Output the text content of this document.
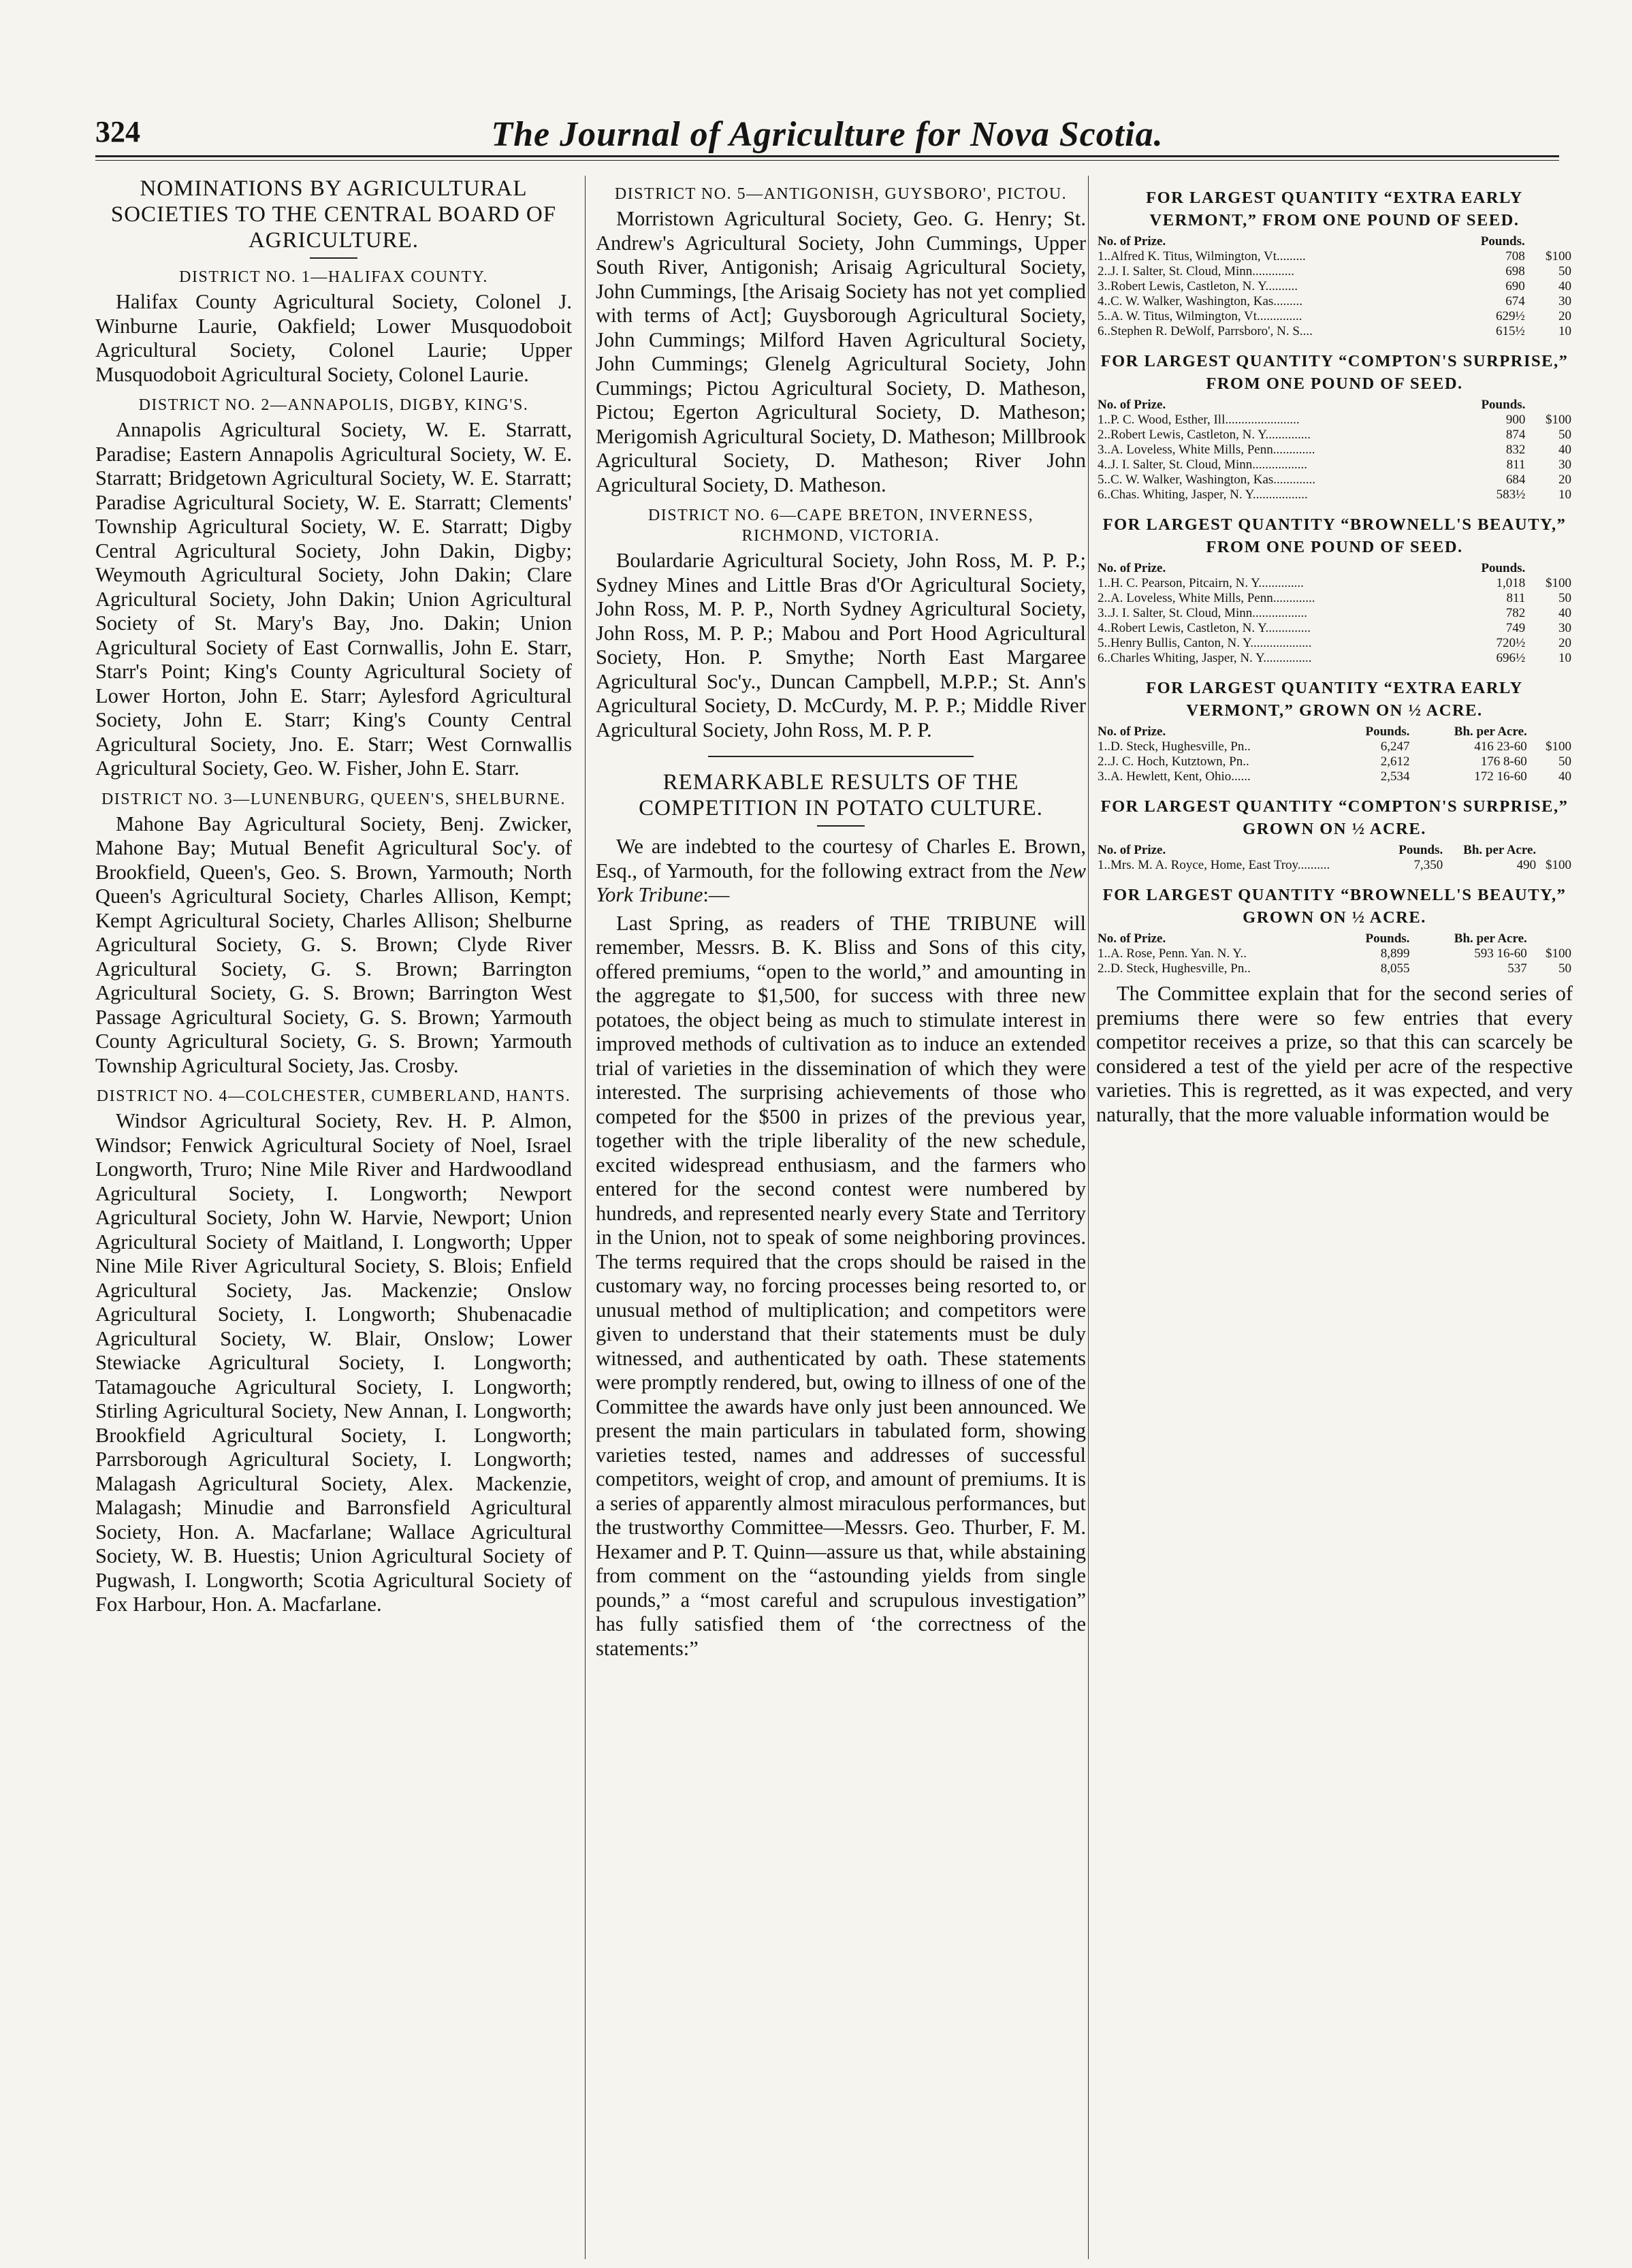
324	The Journal of Agriculture for Nova Scotia.
NOMINATIONS BY AGRICULTURAL SOCIETIES TO THE CENTRAL BOARD OF AGRICULTURE.
DISTRICT NO. 1—HALIFAX COUNTY.

Halifax County Agricultural Society, Colonel J. Winburne Laurie, Oakfield; Lower Musquodoboit Agricultural Society, Colonel Laurie; Upper Musquodoboit Agricultural Society, Colonel Laurie.

DISTRICT NO. 2—ANNAPOLIS, DIGBY, KING'S.

Annapolis Agricultural Society, W. E. Starratt, Paradise; Eastern Annapolis Agricultural Society, W. E. Starratt; Bridgetown Agricultural Society, W. E. Starratt; Paradise Agricultural Society, W. E. Starratt; Clements' Township Agricultural Society, W. E. Starratt; Digby Central Agricultural Society, John Dakin, Digby; Weymouth Agricultural Society, John Dakin; Clare Agricultural Society, John Dakin; Union Agricultural Society of St. Mary's Bay, Jno. Dakin; Union Agricultural Society of East Cornwallis, John E. Starr, Starr's Point; King's County Agricultural Society of Lower Horton, John E. Starr; Aylesford Agricultural Society, John E. Starr; King's County Central Agricultural Society, Jno. E. Starr; West Cornwallis Agricultural Society, Geo. W. Fisher, John E. Starr.

DISTRICT NO. 3—LUNENBURG, QUEEN'S, SHELBURNE.

Mahone Bay Agricultural Society, Benj. Zwicker, Mahone Bay; Mutual Benefit Agricultural Soc'y. of Brookfield, Queen's, Geo. S. Brown, Yarmouth; North Queen's Agricultural Society, Charles Allison, Kempt; Kempt Agricultural Society, Charles Allison; Shelburne Agricultural Society, G. S. Brown; Clyde River Agricultural Society, G. S. Brown; Barrington Agricultural Society, G. S. Brown; Barrington West Passage Agricultural Society, G. S. Brown; Yarmouth County Agricultural Society, G. S. Brown; Yarmouth Township Agricultural Society, Jas. Crosby.

DISTRICT NO. 4—COLCHESTER, CUMBERLAND, HANTS.

Windsor Agricultural Society, Rev. H. P. Almon, Windsor; Fenwick Agricultural Society of Noel, Israel Longworth, Truro; Nine Mile River and Hardwoodland Agricultural Society, I. Longworth; Newport Agricultural Society, John W. Harvie, Newport; Union Agricultural Society of Maitland, I. Longworth; Upper Nine Mile River Agricultural Society, S. Blois; Enfield Agricultural Society, Jas. Mackenzie; Onslow Agricultural Society, I. Longworth; Shubenacadie Agricultural Society, W. Blair, Onslow; Lower Stewiacke Agricultural Society, I. Longworth; Tatamagouche Agricultural Society, I. Longworth; Stirling Agricultural Society, New Annan, I. Longworth; Brookfield Agricultural Society, I. Longworth; Parrsborough Agricultural Society, I. Longworth; Malagash Agricultural Society, Alex. Mackenzie, Malagash; Minudie and Barronsfield Agricultural Society, Hon. A. Macfarlane; Wallace Agricultural Society, W. B. Huestis; Union Agricultural Society of Pugwash, I. Longworth; Scotia Agricultural Society of Fox Harbour, Hon. A. Macfarlane.

DISTRICT NO. 5—ANTIGONISH, GUYSBORO', PICTOU.

Morristown Agricultural Society, Geo. G. Henry; St. Andrew's Agricultural Society, John Cummings, Upper South River, Antigonish; Arisaig Agricultural Society, John Cummings, [the Arisaig Society has not yet complied with terms of Act]; Guysborough Agricultural Society, John Cummings; Milford Haven Agricultural Society, John Cummings; Glenelg Agricultural Society, John Cummings; Pictou Agricultural Society, D. Matheson, Pictou; Egerton Agricultural Society, D. Matheson; Merigomish Agricultural Society, D. Matheson; Millbrook Agricultural Society, D. Matheson; River John Agricultural Society, D. Matheson.

DISTRICT NO. 6—CAPE BRETON, INVERNESS, RICHMOND, VICTORIA.

Boulardarie Agricultural Society, John Ross, M. P. P.; Sydney Mines and Little Bras d'Or Agricultural Society, John Ross, M. P. P., North Sydney Agricultural Society, John Ross, M. P. P.; Mabou and Port Hood Agricultural Society, Hon. P. Smythe; North East Margaree Agricultural Soc'y., Duncan Campbell, M.P.P.; St. Ann's Agricultural Society, D. McCurdy, M. P. P.; Middle River Agricultural Society, John Ross, M. P. P.

REMARKABLE RESULTS OF THE COMPETITION IN POTATO CULTURE.

We are indebted to the courtesy of Charles E. Brown, Esq., of Yarmouth, for the following extract from the New York Tribune:—

Last Spring, as readers of THE TRIBUNE will remember, Messrs. B. K. Bliss and Sons of this city, offered premiums, “open to the world,” and amounting in the aggregate to $1,500, for success with three new potatoes, the object being as much to stimulate interest in improved methods of cultivation as to induce an extended trial of varieties in the dissemination of which they were interested. The surprising achievements of those who competed for the $500 in prizes of the previous year, together with the triple liberality of the new schedule, excited widespread enthusiasm, and the farmers who entered for the second contest were numbered by hundreds, and represented nearly every State and Territory in the Union, not to speak of some neighboring provinces. The terms required that the crops should be raised in the customary way, no forcing processes being resorted to, or unusual method of multiplication; and competitors were given to understand that their statements must be duly witnessed, and authenticated by oath. These statements were promptly rendered, but, owing to illness of one of the Committee the awards have only just been announced. We present the main particulars in tabulated form, showing varieties tested, names and addresses of successful competitors, weight of crop, and amount of premiums. It is a series of apparently almost miraculous performances, but the trustworthy Committee—Messrs. Geo. Thurber, F. M. Hexamer and P. T. Quinn—assure us that, while abstaining from comment on the “astounding yields from single pounds,” a “most careful and scrupulous investigation” has fully satisfied them of ‘the correctness of the statements:”

FOR LARGEST QUANTITY “EXTRA EARLY VERMONT,” FROM ONE POUND OF SEED.
No. of Prize.	Pounds.	
1..Alfred K. Titus, Wilmington, Vt.........	708	$100
2..J. I. Salter, St. Cloud, Minn.............	698	50
3..Robert Lewis, Castleton, N. Y..........	690	40
4..C. W. Walker, Washington, Kas.........	674	30
5..A. W. Titus, Wilmington, Vt..............	629½	20
6..Stephen R. DeWolf, Parrsboro', N. S....	615½	10
FOR LARGEST QUANTITY “COMPTON'S SURPRISE,” FROM ONE POUND OF SEED.
No. of Prize.	Pounds.	
1..P. C. Wood, Esther, Ill.......................	900	$100
2..Robert Lewis, Castleton, N. Y..............	874	50
3..A. Loveless, White Mills, Penn.............	832	40
4..J. I. Salter, St. Cloud, Minn.................	811	30
5..C. W. Walker, Washington, Kas.............	684	20
6..Chas. Whiting, Jasper, N. Y.................	583½	10
FOR LARGEST QUANTITY “BROWNELL'S BEAUTY,” FROM ONE POUND OF SEED.
No. of Prize.	Pounds.	
1..H. C. Pearson, Pitcairn, N. Y..............	1,018	$100
2..A. Loveless, White Mills, Penn.............	811	50
3..J. I. Salter, St. Cloud, Minn.................	782	40
4..Robert Lewis, Castleton, N. Y..............	749	30
5..Henry Bullis, Canton, N. Y...................	720½	20
6..Charles Whiting, Jasper, N. Y...............	696½	10
FOR LARGEST QUANTITY “EXTRA EARLY VERMONT,” GROWN ON ½ ACRE.
No. of Prize.	Pounds.	Bh. per Acre.	
1..D. Steck, Hughesville, Pn..	6,247	416 23-60	$100
2..J. C. Hoch, Kutztown, Pn..	2,612	176 8-60	50
3..A. Hewlett, Kent, Ohio......	2,534	172 16-60	40
FOR LARGEST QUANTITY “COMPTON'S SURPRISE,” GROWN ON ½ ACRE.
No. of Prize.	Pounds.	Bh. per Acre.	
1..Mrs. M. A. Royce, Home, East Troy..........	7,350	490	$100
FOR LARGEST QUANTITY “BROWNELL'S BEAUTY,” GROWN ON ½ ACRE.
No. of Prize.	Pounds.	Bh. per Acre.	
1..A. Rose, Penn. Yan. N. Y..	8,899	593 16-60	$100
2..D. Steck, Hughesville, Pn..	8,055	537	50

The Committee explain that for the second series of premiums there were so few entries that every competitor receives a prize, so that this can scarcely be considered a test of the yield per acre of the respective varieties. This is regretted, as it was expected, and very naturally, that the more valuable information would be
